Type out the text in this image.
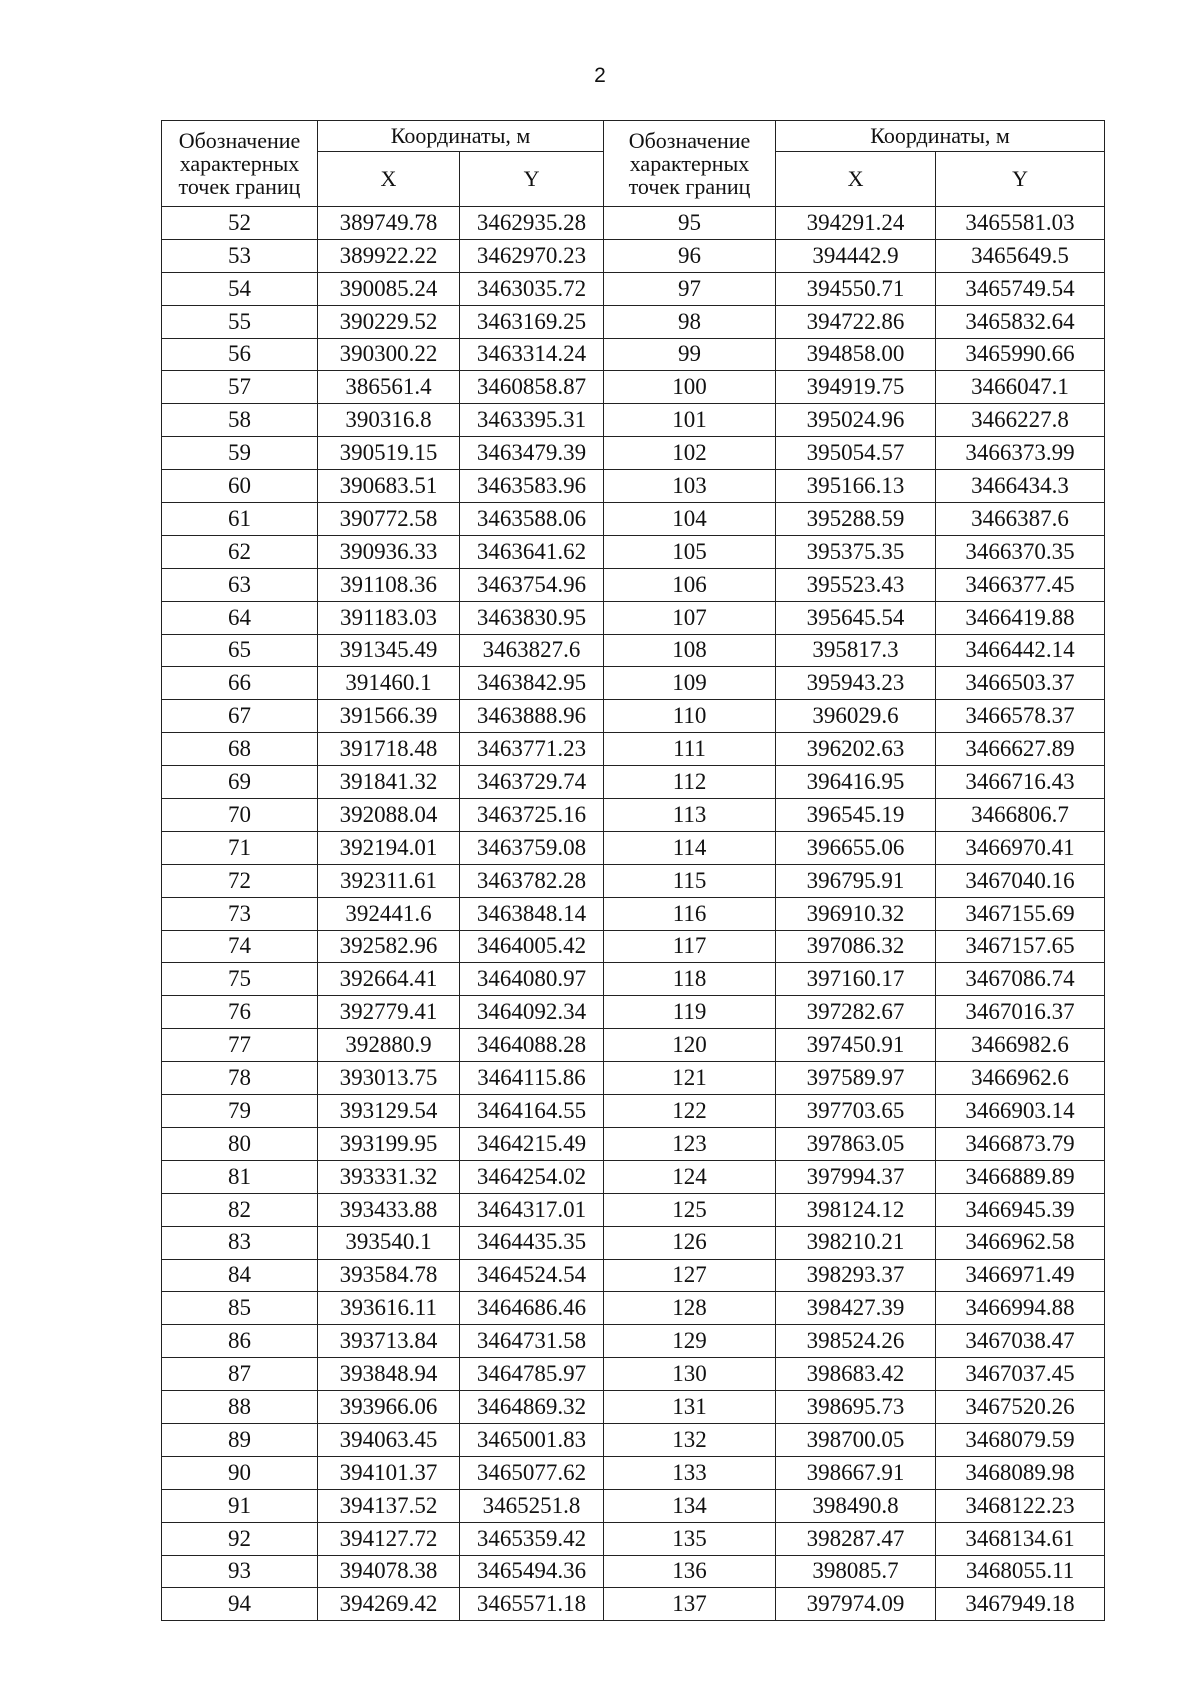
2
Обозначение характерных точек границ	Координаты, м		Обозначение характерных точек границ	Координаты, м	
	X	Y		X	Y
52	389749.78	3462935.28	95	394291.24	3465581.03
53	389922.22	3462970.23	96	394442.9	3465649.5
54	390085.24	3463035.72	97	394550.71	3465749.54
55	390229.52	3463169.25	98	394722.86	3465832.64
56	390300.22	3463314.24	99	394858.00	3465990.66
57	386561.4	3460858.87	100	394919.75	3466047.1
58	390316.8	3463395.31	101	395024.96	3466227.8
59	390519.15	3463479.39	102	395054.57	3466373.99
60	390683.51	3463583.96	103	395166.13	3466434.3
61	390772.58	3463588.06	104	395288.59	3466387.6
62	390936.33	3463641.62	105	395375.35	3466370.35
63	391108.36	3463754.96	106	395523.43	3466377.45
64	391183.03	3463830.95	107	395645.54	3466419.88
65	391345.49	3463827.6	108	395817.3	3466442.14
66	391460.1	3463842.95	109	395943.23	3466503.37
67	391566.39	3463888.96	110	396029.6	3466578.37
68	391718.48	3463771.23	111	396202.63	3466627.89
69	391841.32	3463729.74	112	396416.95	3466716.43
70	392088.04	3463725.16	113	396545.19	3466806.7
71	392194.01	3463759.08	114	396655.06	3466970.41
72	392311.61	3463782.28	115	396795.91	3467040.16
73	392441.6	3463848.14	116	396910.32	3467155.69
74	392582.96	3464005.42	117	397086.32	3467157.65
75	392664.41	3464080.97	118	397160.17	3467086.74
76	392779.41	3464092.34	119	397282.67	3467016.37
77	392880.9	3464088.28	120	397450.91	3466982.6
78	393013.75	3464115.86	121	397589.97	3466962.6
79	393129.54	3464164.55	122	397703.65	3466903.14
80	393199.95	3464215.49	123	397863.05	3466873.79
81	393331.32	3464254.02	124	397994.37	3466889.89
82	393433.88	3464317.01	125	398124.12	3466945.39
83	393540.1	3464435.35	126	398210.21	3466962.58
84	393584.78	3464524.54	127	398293.37	3466971.49
85	393616.11	3464686.46	128	398427.39	3466994.88
86	393713.84	3464731.58	129	398524.26	3467038.47
87	393848.94	3464785.97	130	398683.42	3467037.45
88	393966.06	3464869.32	131	398695.73	3467520.26
89	394063.45	3465001.83	132	398700.05	3468079.59
90	394101.37	3465077.62	133	398667.91	3468089.98
91	394137.52	3465251.8	134	398490.8	3468122.23
92	394127.72	3465359.42	135	398287.47	3468134.61
93	394078.38	3465494.36	136	398085.7	3468055.11
94	394269.42	3465571.18	137	397974.09	3467949.18
